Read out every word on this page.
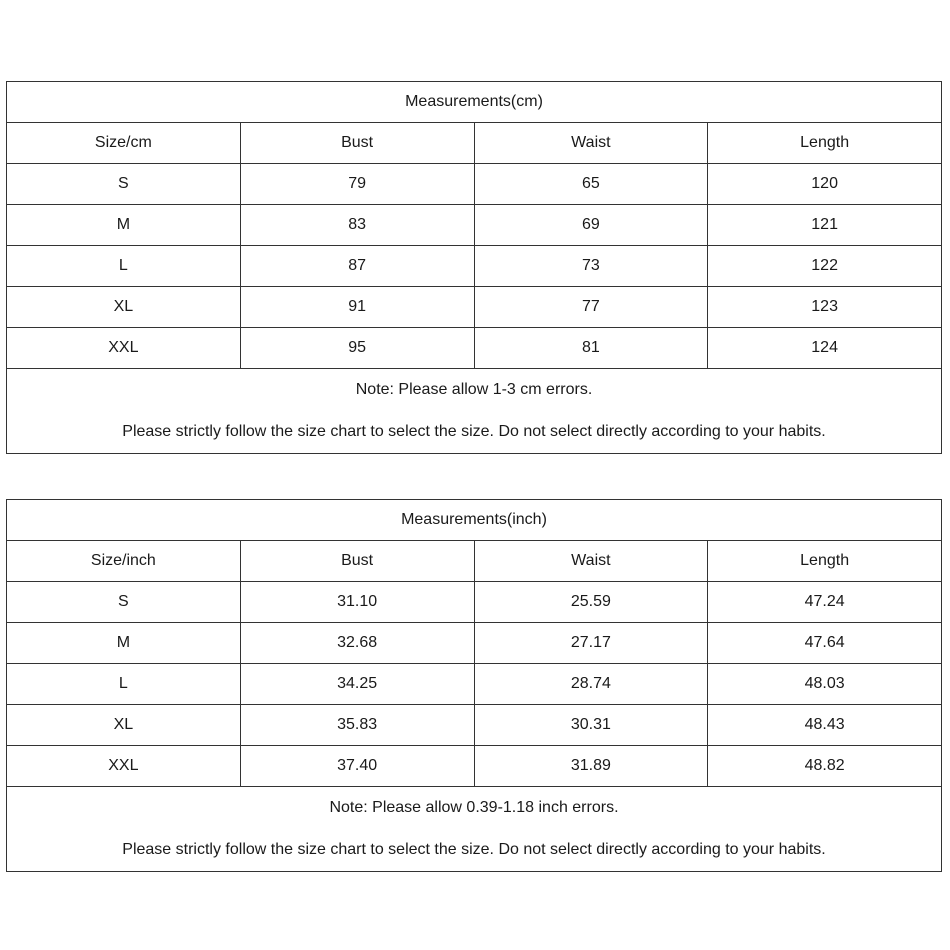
Measurements(cm)			
Size/cm	Bust	Waist	Length
S	79	65	120
M	83	69	121
L	87	73	122
XL	91	77	123
XXL	95	81	124

Note: Please allow 1-3 cm errors.
Please strictly follow the size chart to select the size. Do not select directly according to your habits.			
Measurements(inch)			
Size/inch	Bust	Waist	Length
S	31.10	25.59	47.24
M	32.68	27.17	47.64
L	34.25	28.74	48.03
XL	35.83	30.31	48.43
XXL	37.40	31.89	48.82

Note: Please allow 0.39-1.18 inch errors.
Please strictly follow the size chart to select the size. Do not select directly according to your habits.			
